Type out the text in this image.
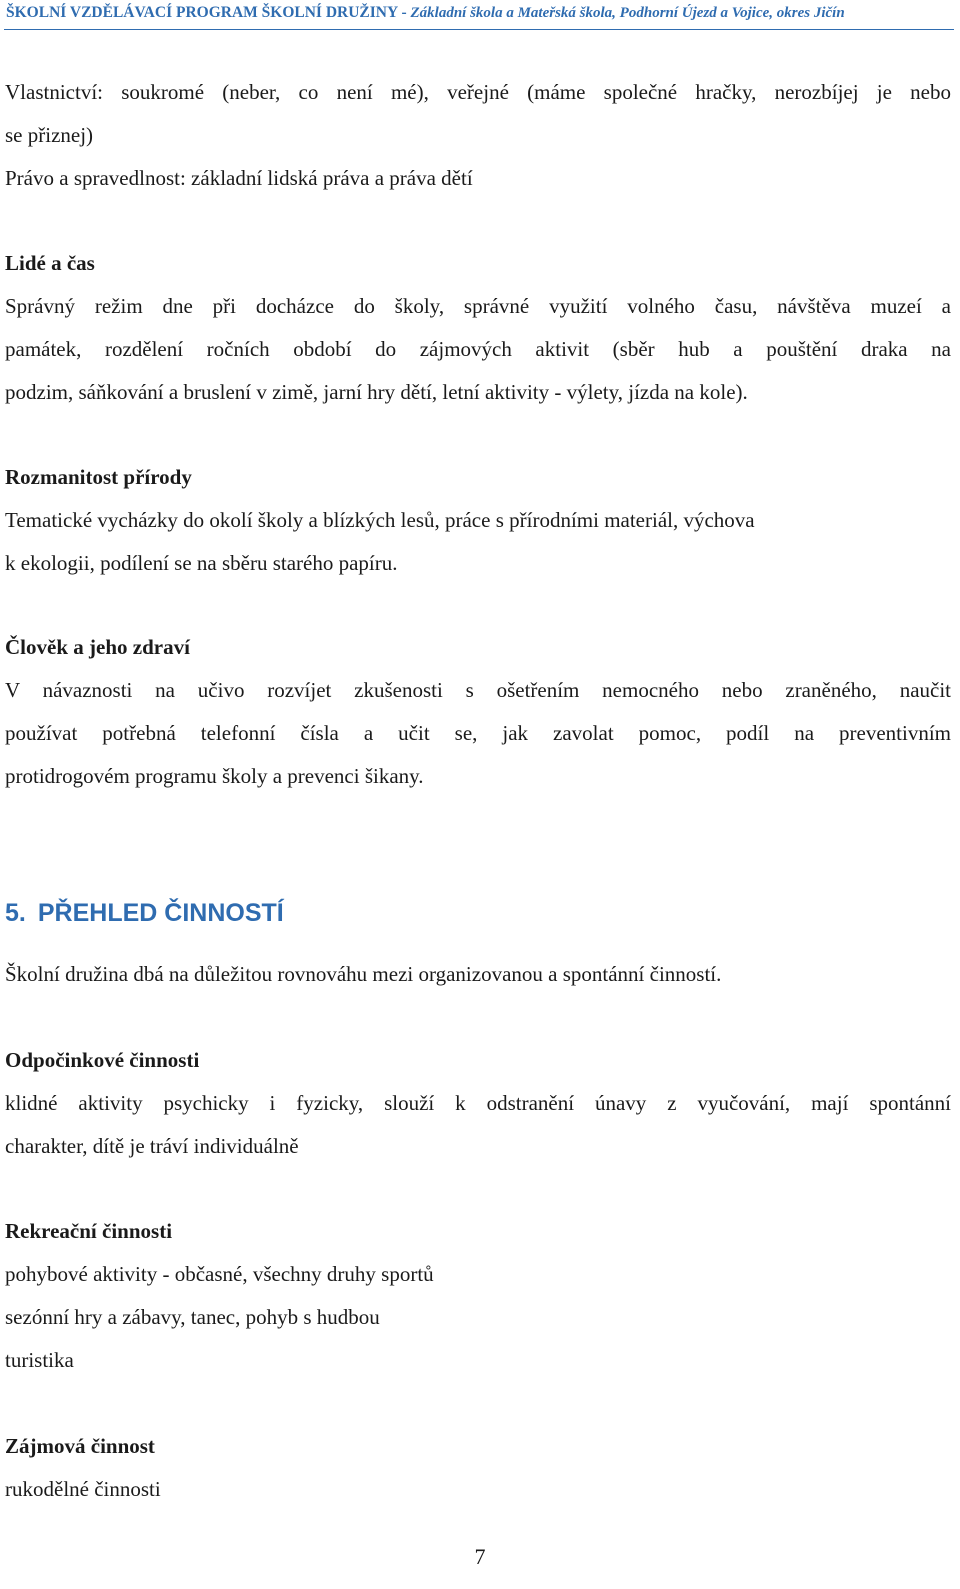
ŠKOLNÍ VZDĚLÁVACÍ PROGRAM ŠKOLNÍ DRUŽINY - Základní škola a Mateřská škola, Podhorní Újezd a Vojice, okres Jičín
Vlastnictví: soukromé (neber, co není mé), veřejné (máme společné hračky, nerozbíjej je nebo
se přiznej)
Právo a spravedlnost: základní lidská práva a práva dětí
Lidé a čas
Správný režim dne při docházce do školy, správné využití volného času, návštěva muzeí a
památek, rozdělení ročních období do zájmových aktivit (sběr hub a pouštění draka na
podzim, sáňkování a bruslení v zimě, jarní hry dětí, letní aktivity - výlety, jízda na kole).
Rozmanitost přírody
Tematické vycházky do okolí školy a blízkých lesů, práce s přírodními materiál, výchova
k ekologii, podílení se na sběru starého papíru.
Člověk a jeho zdraví
V návaznosti na učivo rozvíjet zkušenosti s ošetřením nemocného nebo zraněného, naučit
používat potřebná telefonní čísla a učit se, jak zavolat pomoc, podíl na preventivním
protidrogovém programu školy a prevenci šikany.
5. PŘEHLED ČINNOSTÍ
Školní družina dbá na důležitou rovnováhu mezi organizovanou a spontánní činností.
Odpočinkové činnosti
klidné aktivity psychicky i fyzicky, slouží k odstranění únavy z vyučování, mají spontánní
charakter, dítě je tráví individuálně
Rekreační činnosti
pohybové aktivity - občasné, všechny druhy sportů
sezónní hry a zábavy, tanec, pohyb s hudbou
turistika
Zájmová činnost
rukodělné činnosti
7
